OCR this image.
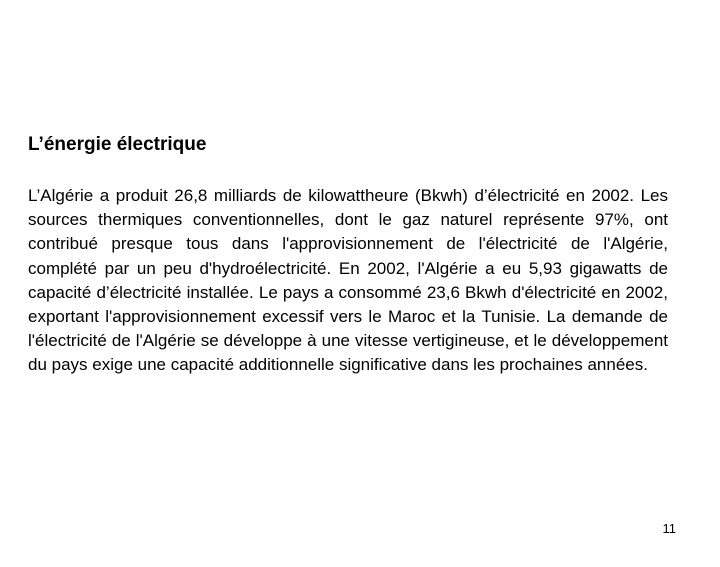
L’énergie électrique

L’Algérie a produit 26,8 milliards de kilowattheure (Bkwh) d’électricité en 2002. Les sources thermiques conventionnelles, dont le gaz naturel représente 97%, ont contribué presque tous dans l'approvisionnement de l'électricité de l'Algérie, complété par un peu d'hydroélectricité. En 2002, l'Algérie a eu 5,93 gigawatts de capacité d’électricité installée. Le pays a consommé 23,6 Bkwh d'électricité en 2002, exportant l'approvisionnement excessif vers le Maroc et la Tunisie. La demande de l'électricité de l'Algérie se développe à une vitesse vertigineuse, et le développement du pays exige une capacité additionnelle significative dans les prochaines années.

11
